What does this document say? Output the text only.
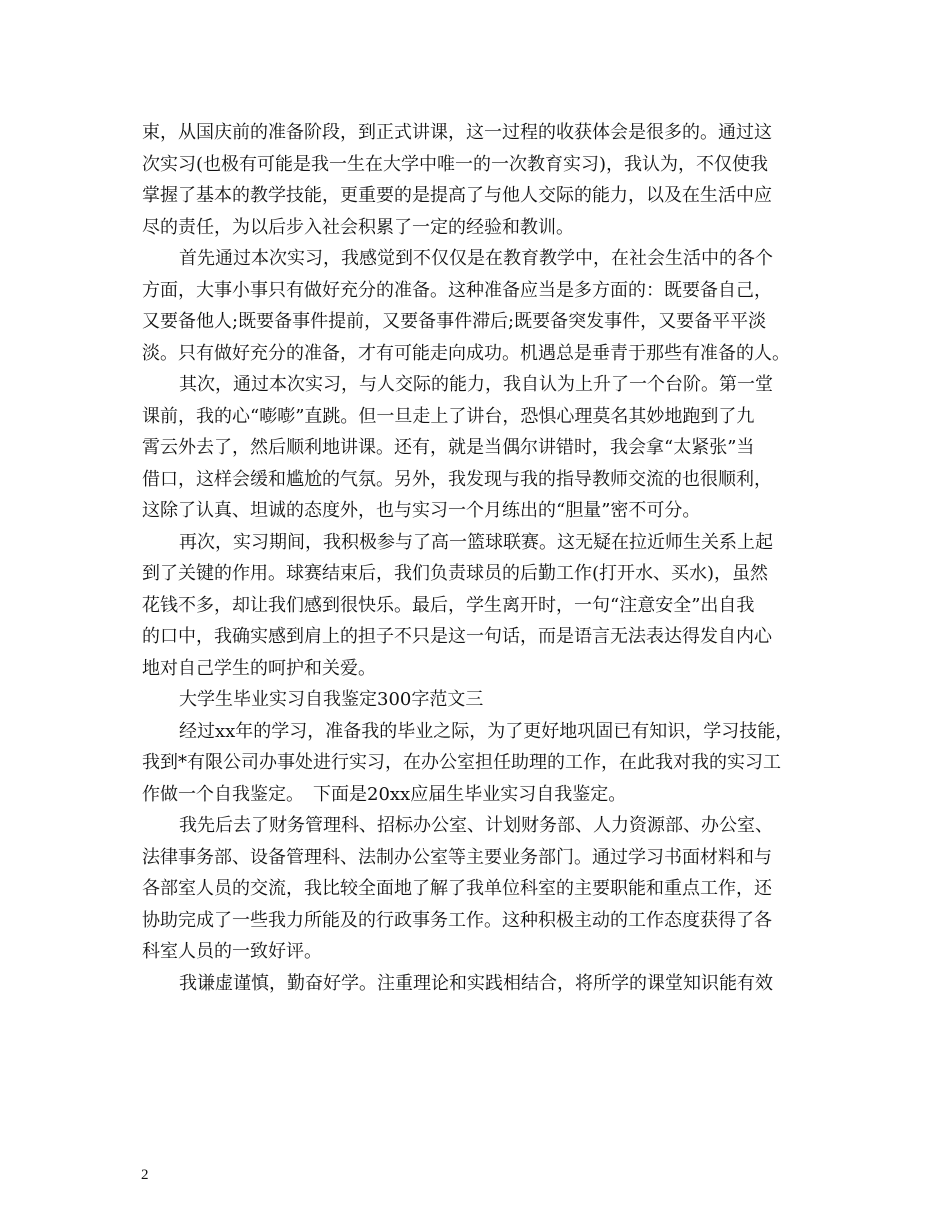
束，从国庆前的准备阶段，到正式讲课，这一过程的收获体会是很多的。通过这

次实习(也极有可能是我一生在大学中唯一的一次教育实习)，我认为，不仅使我

掌握了基本的教学技能，更重要的是提高了与他人交际的能力，以及在生活中应

尽的责任，为以后步入社会积累了一定的经验和教训。

首先通过本次实习，我感觉到不仅仅是在教育教学中，在社会生活中的各个

方面，大事小事只有做好充分的准备。这种准备应当是多方面的：既要备自己，

又要备他人;既要备事件提前，又要备事件滞后;既要备突发事件，又要备平平淡

淡。只有做好充分的准备，才有可能走向成功。机遇总是垂青于那些有准备的人。

其次，通过本次实习，与人交际的能力，我自认为上升了一个台阶。第一堂

课前，我的心“嘭嘭”直跳。但一旦走上了讲台，恐惧心理莫名其妙地跑到了九

霄云外去了，然后顺利地讲课。还有，就是当偶尔讲错时，我会拿“太紧张”当

借口，这样会缓和尴尬的气氛。另外，我发现与我的指导教师交流的也很顺利，

这除了认真、坦诚的态度外，也与实习一个月练出的“胆量”密不可分。

再次，实习期间，我积极参与了高一篮球联赛。这无疑在拉近师生关系上起

到了关键的作用。球赛结束后，我们负责球员的后勤工作(打开水、买水)，虽然

花钱不多，却让我们感到很快乐。最后，学生离开时，一句“注意安全”出自我

的口中，我确实感到肩上的担子不只是这一句话，而是语言无法表达得发自内心

地对自己学生的呵护和关爱。

大学生毕业实习自我鉴定300字范文三

经过xx年的学习，准备我的毕业之际，为了更好地巩固已有知识，学习技能，

我到*有限公司办事处进行实习，在办公室担任助理的工作，在此我对我的实习工

作做一个自我鉴定。　下面是20xx应届生毕业实习自我鉴定。

我先后去了财务管理科、招标办公室、计划财务部、人力资源部、办公室、

法律事务部、设备管理科、法制办公室等主要业务部门。通过学习书面材料和与

各部室人员的交流，我比较全面地了解了我单位科室的主要职能和重点工作，还

协助完成了一些我力所能及的行政事务工作。这种积极主动的工作态度获得了各

科室人员的一致好评。

我谦虚谨慎，勤奋好学。注重理论和实践相结合，将所学的课堂知识能有效

2
